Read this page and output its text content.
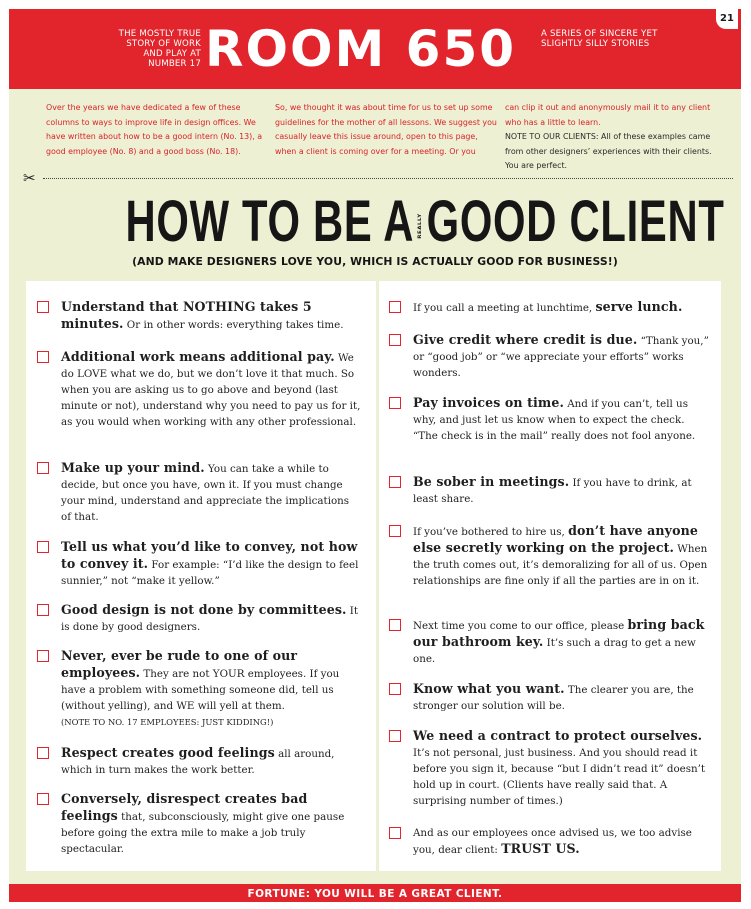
THE MOSTLY TRUE STORY OF WORK AND PLAY AT NUMBER 17 ROOM 650	A SERIES OF SINCERE YET SLIGHTLY SILLY STORIES
21
Over the years we have dedicated a few of these columns to ways to improve life in design offices. We have written about how to be a good intern (No. 13), a good employee (No. 8) and a good boss (No. 18).
So, we thought it was about time for us to set up some guidelines for the mother of all lessons. We suggest you casually leave this issue around, open to this page, when a client is coming over for a meeting. Or you
can clip it out and anonymously mail it to any client who has a little to learn.
NOTE TO OUR CLIENTS: All of these examples came from other designers’ experiences with their clients. You are perfect.
✂
HOW TO BE A REALLYGOOD CLIENT
(AND MAKE DESIGNERS LOVE YOU, WHICH IS ACTUALLY GOOD FOR BUSINESS!)
Understand that NOTHING takes 5 minutes. Or in other words: everything takes time.
Additional work means additional pay. We do LOVE what we do, but we don’t love it that much. So when you are asking us to go above and beyond (last minute or not), understand why you need to pay us for it, as you would when working with any other professional.
Make up your mind. You can take a while to decide, but once you have, own it. If you must change your mind, understand and appreciate the implications of that.
Tell us what you’d like to convey, not how to convey it. For example: “I’d like the design to feel sunnier,” not “make it yellow.”
Good design is not done by committees. It is done by good designers.
Never, ever be rude to one of our employees. They are not YOUR employees. If you have a problem with something someone did, tell us (without yelling), and WE will yell at them.
(NOTE TO NO. 17 EMPLOYEES: JUST KIDDING!)
Respect creates good feelings all around, which in turn makes the work better.
Conversely, disrespect creates bad feelings that, subconsciously, might give one pause before going the extra mile to make a job truly spectacular.
If you call a meeting at lunchtime, serve lunch.
Give credit where credit is due. “Thank you,” or “good job” or “we appreciate your efforts” works wonders.
Pay invoices on time. And if you can’t, tell us why, and just let us know when to expect the check. “The check is in the mail” really does not fool anyone.
Be sober in meetings. If you have to drink, at least share.
If you’ve bothered to hire us, don’t have anyone else secretly working on the project. When the truth comes out, it’s demoralizing for all of us. Open relationships are fine only if all the parties are in on it.
Next time you come to our office, please bring back our bathroom key. It’s such a drag to get a new one.
Know what you want. The clearer you are, the stronger our solution will be.
We need a contract to protect ourselves. It’s not personal, just business. And you should read it before you sign it, because “but I didn’t read it” doesn’t hold up in court. (Clients have really said that. A surprising number of times.)
And as our employees once advised us, we too advise you, dear client: TRUST US.
FORTUNE: YOU WILL BE A GREAT CLIENT.
